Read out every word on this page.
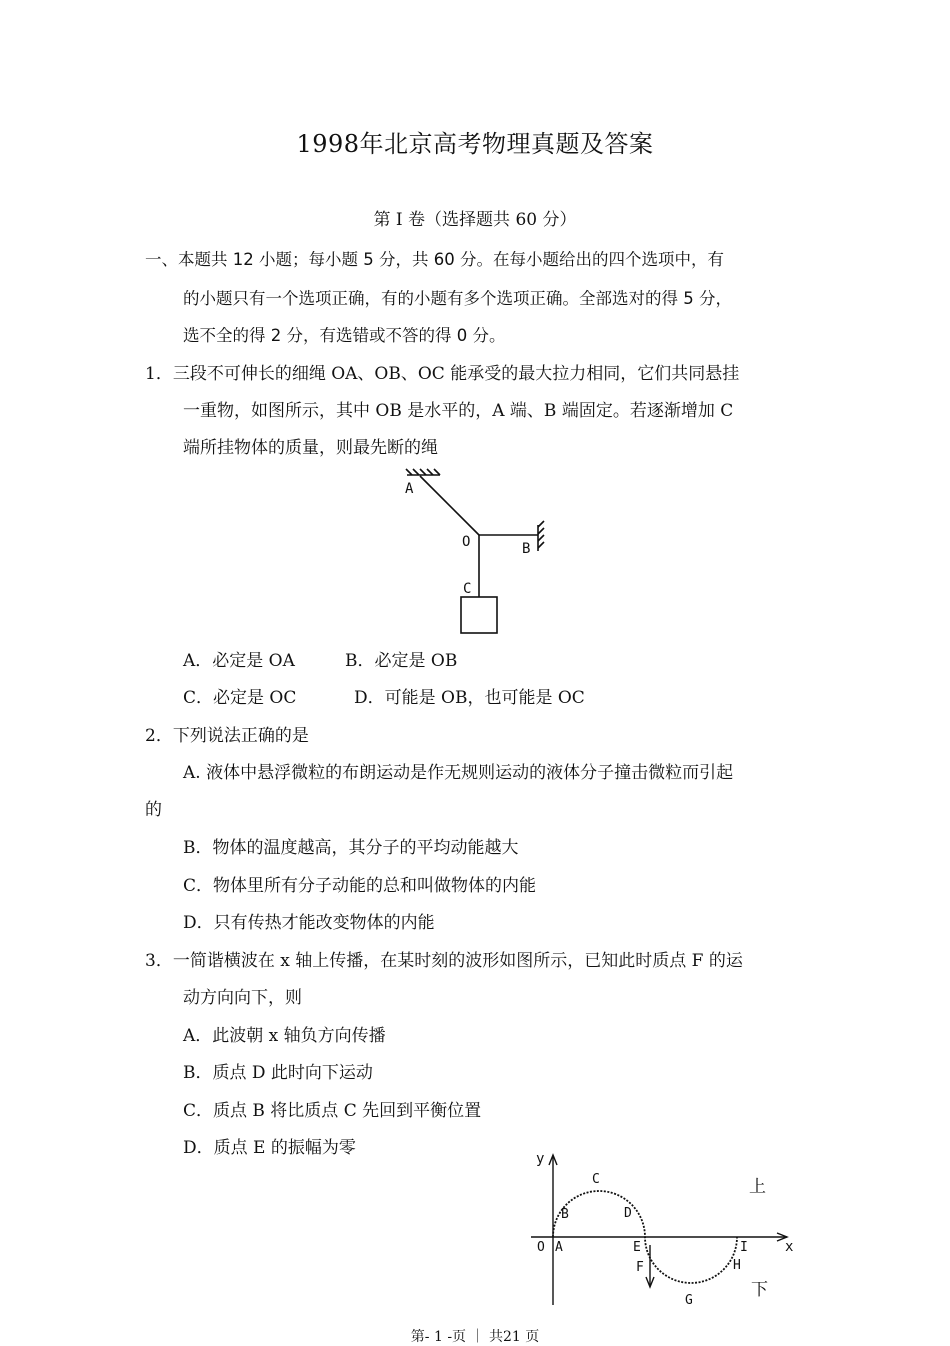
1998年北京高考物理真题及答案
第 I 卷（选择题共 60 分）
一、本题共 12 小题；每小题 5 分，共 60 分。在每小题给出的四个选项中，有
的小题只有一个选项正确，有的小题有多个选项正确。全部选对的得 5 分，
选不全的得 2 分，有选错或不答的得 0 分。
1．三段不可伸长的细绳 OA、OB、OC 能承受的最大拉力相同，它们共同悬挂
一重物，如图所示，其中 OB 是水平的，A 端、B 端固定。若逐渐增加 C
端所挂物体的质量，则最先断的绳
A
O	B
C
A．必定是 OA	B．必定是 OB
C．必定是 OC	D．可能是 OB，也可能是 OC
2．下列说法正确的是
A. 液体中悬浮微粒的布朗运动是作无规则运动的液体分子撞击微粒而引起
的
B．物体的温度越高，其分子的平均动能越大
C．物体里所有分子动能的总和叫做物体的内能
D．只有传热才能改变物体的内能
3．一简谐横波在 x 轴上传播，在某时刻的波形如图所示，已知此时质点 F 的运
动方向向下，则
A．此波朝 x 轴负方向传播
B．质点 D 此时向下运动
C．质点 B 将比质点 C 先回到平衡位置
D．质点 E 的振幅为零
y
x
O A
B
C
D
E
F
G
H
I
上
下
第- 1 -页 ｜ 共21 页
